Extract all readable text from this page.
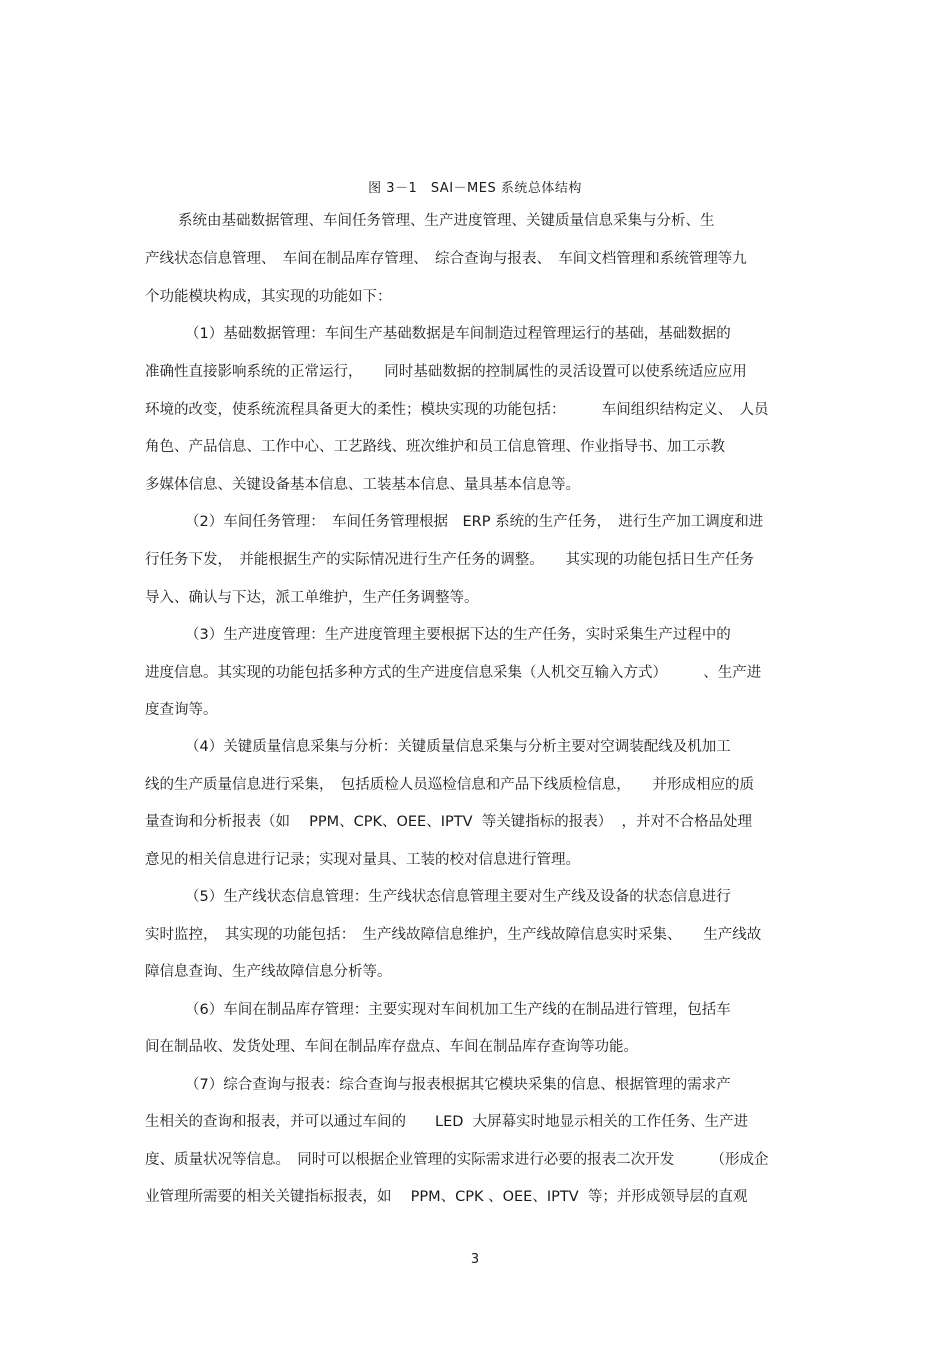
图 3－1　SAI－MES 系统总体结构
系统由基础数据管理、车间任务管理、生产进度管理、关键质量信息采集与分析、生
产线状态信息管理、　车间在制品库存管理、　综合查询与报表、　车间文档管理和系统管理等九
个功能模块构成，其实现的功能如下：
（1）基础数据管理：车间生产基础数据是车间制造过程管理运行的基础，基础数据的
准确性直接影响系统的正常运行，　　同时基础数据的控制属性的灵活设置可以使系统适应应用
环境的改变，使系统流程具备更大的柔性；模块实现的功能包括：　　　车间组织结构定义、　人员
角色、产品信息、工作中心、工艺路线、班次维护和员工信息管理、作业指导书、加工示教
多媒体信息、关键设备基本信息、工装基本信息、量具基本信息等。
（2）车间任务管理：　车间任务管理根据　ERP 系统的生产任务，　进行生产加工调度和进
行任务下发，　并能根据生产的实际情况进行生产任务的调整。　　其实现的功能包括日生产任务
导入、确认与下达，派工单维护，生产任务调整等。
（3）生产进度管理：生产进度管理主要根据下达的生产任务，实时采集生产过程中的
进度信息。其实现的功能包括多种方式的生产进度信息采集（人机交互输入方式）　　　、生产进
度查询等。
（4）关键质量信息采集与分析：关键质量信息采集与分析主要对空调装配线及机加工
线的生产质量信息进行采集，　包括质检人员巡检信息和产品下线质检信息，　　并形成相应的质
量查询和分析报表（如　 PPM、CPK、OEE、IPTV  等关键指标的报表）  ，并对不合格品处理
意见的相关信息进行记录；实现对量具、工装的校对信息进行管理。
（5）生产线状态信息管理：生产线状态信息管理主要对生产线及设备的状态信息进行
实时监控，　其实现的功能包括：　生产线故障信息维护，生产线故障信息实时采集、　　生产线故
障信息查询、生产线故障信息分析等。
（6）车间在制品库存管理：主要实现对车间机加工生产线的在制品进行管理，包括车
间在制品收、发货处理、车间在制品库存盘点、车间在制品库存查询等功能。
（7）综合查询与报表：综合查询与报表根据其它模块采集的信息、根据管理的需求产
生相关的查询和报表，并可以通过车间的　　LED  大屏幕实时地显示相关的工作任务、生产进
度、质量状况等信息。　同时可以根据企业管理的实际需求进行必要的报表二次开发　　　（形成企
业管理所需要的相关关键指标报表，如　 PPM、CPK 、OEE、IPTV  等；并形成领导层的直观
3
